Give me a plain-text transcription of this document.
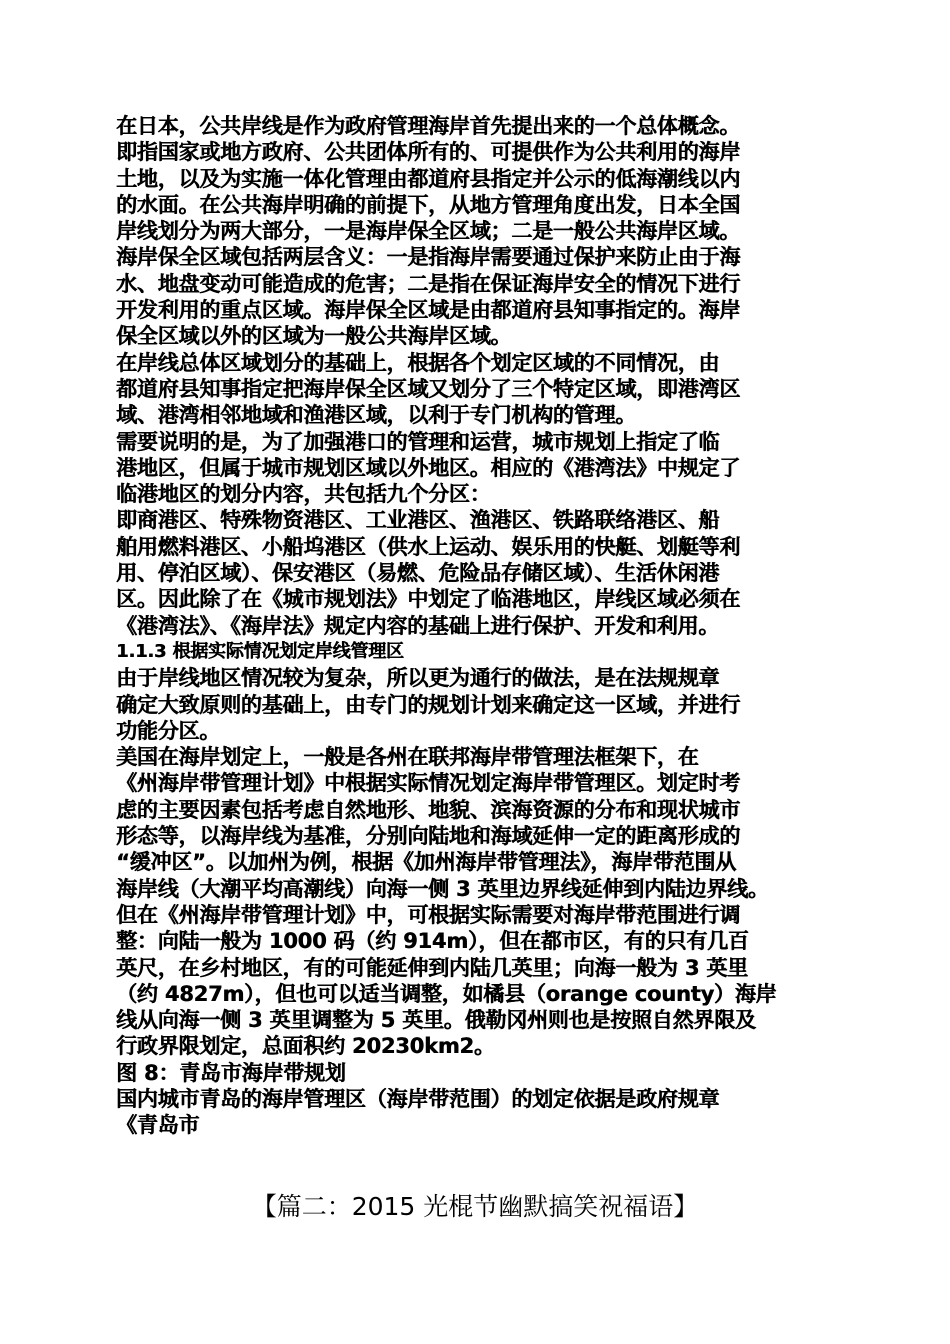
在日本，公共岸线是作为政府管理海岸首先提出来的一个总体概念。
即指国家或地方政府、公共团体所有的、可提供作为公共利用的海岸
土地，以及为实施一体化管理由都道府县指定并公示的低海潮线以内
的水面。在公共海岸明确的前提下，从地方管理角度出发，日本全国
岸线划分为两大部分，一是海岸保全区域；二是一般公共海岸区域。
海岸保全区域包括两层含义：一是指海岸需要通过保护来防止由于海
水、地盘变动可能造成的危害；二是指在保证海岸安全的情况下进行
开发利用的重点区域。海岸保全区域是由都道府县知事指定的。海岸
保全区域以外的区域为一般公共海岸区域。
在岸线总体区域划分的基础上，根据各个划定区域的不同情况，由
都道府县知事指定把海岸保全区域又划分了三个特定区域，即港湾区
域、港湾相邻地域和渔港区域，以利于专门机构的管理。
需要说明的是，为了加强港口的管理和运营，城市规划上指定了临
港地区，但属于城市规划区域以外地区。相应的《港湾法》中规定了
临港地区的划分内容，共包括九个分区：
即商港区、特殊物资港区、工业港区、渔港区、铁路联络港区、船
舶用燃料港区、小船坞港区（供水上运动、娱乐用的快艇、划艇等利
用、停泊区域）、保安港区（易燃、危险品存储区域）、生活休闲港
区。因此除了在《城市规划法》中划定了临港地区，岸线区域必须在
《港湾法》、《海岸法》规定内容的基础上进行保护、开发和利用。
1.1.3 根据实际情况划定岸线管理区
由于岸线地区情况较为复杂，所以更为通行的做法，是在法规规章
确定大致原则的基础上，由专门的规划计划来确定这一区域，并进行
功能分区。
美国在海岸划定上，一般是各州在联邦海岸带管理法框架下，在
《州海岸带管理计划》中根据实际情况划定海岸带管理区。划定时考
虑的主要因素包括考虑自然地形、地貌、滨海资源的分布和现状城市
形态等，以海岸线为基准，分别向陆地和海域延伸一定的距离形成的
“缓冲区”。以加州为例，根据《加州海岸带管理法》，海岸带范围从
海岸线（大潮平均高潮线）向海一侧 3 英里边界线延伸到内陆边界线。
但在《州海岸带管理计划》中，可根据实际需要对海岸带范围进行调
整：向陆一般为 1000 码（约 914m），但在都市区，有的只有几百
英尺，在乡村地区，有的可能延伸到内陆几英里；向海一般为 3 英里
（约 4827m），但也可以适当调整，如橘县（orange county）海岸
线从向海一侧 3 英里调整为 5 英里。俄勒冈州则也是按照自然界限及
行政界限划定，总面积约 20230km2。
图 8：青岛市海岸带规划
国内城市青岛的海岸管理区（海岸带范围）的划定依据是政府规章
《青岛市
【篇二：2015 光棍节幽默搞笑祝福语】
